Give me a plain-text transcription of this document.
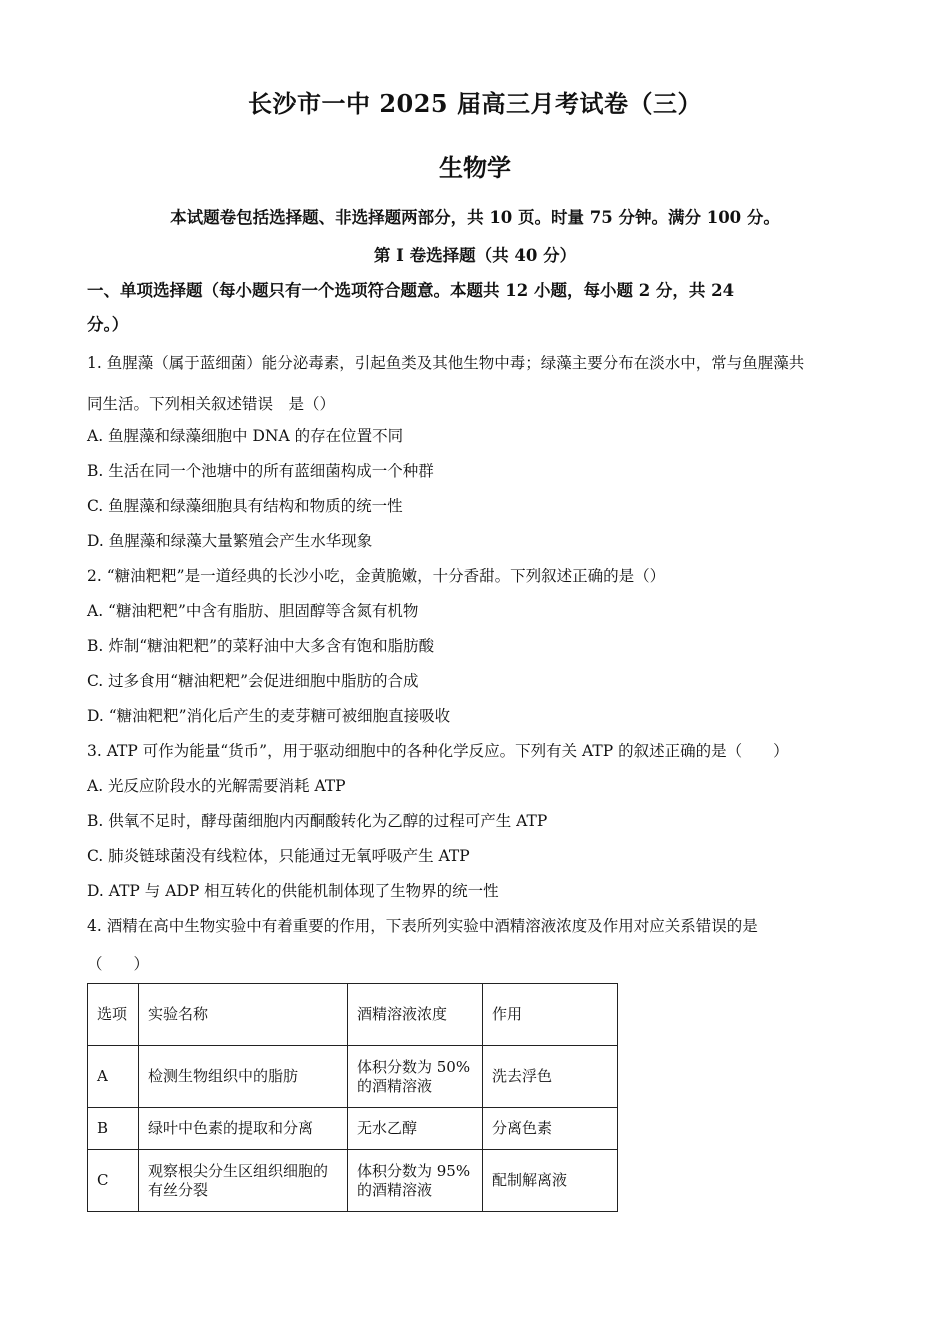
长沙市一中 2025 届高三月考试卷（三）
生物学
本试题卷包括选择题、非选择题两部分，共 10 页。时量 75 分钟。满分 100 分。
第 I 卷选择题（共 40 分）
一、单项选择题（每小题只有一个选项符合题意。本题共 12 小题，每小题 2 分，共 24
分。）
1. 鱼腥藻（属于蓝细菌）能分泌毒素，引起鱼类及其他生物中毒；绿藻主要分布在淡水中，常与鱼腥藻共
同生活。下列相关叙述错误　是（）
A. 鱼腥藻和绿藻细胞中 DNA 的存在位置不同
B. 生活在同一个池塘中的所有蓝细菌构成一个种群
C. 鱼腥藻和绿藻细胞具有结构和物质的统一性
D. 鱼腥藻和绿藻大量繁殖会产生水华现象
2. “糖油粑粑”是一道经典的长沙小吃，金黄脆嫩，十分香甜。下列叙述正确的是（）
A. “糖油粑粑”中含有脂肪、胆固醇等含氮有机物
B. 炸制“糖油粑粑”的菜籽油中大多含有饱和脂肪酸
C. 过多食用“糖油粑粑”会促进细胞中脂肪的合成
D. “糖油粑粑”消化后产生的麦芽糖可被细胞直接吸收
3. ATP 可作为能量“货币”，用于驱动细胞中的各种化学反应。下列有关 ATP 的叙述正确的是（　　）
A. 光反应阶段水的光解需要消耗 ATP
B. 供氧不足时，酵母菌细胞内丙酮酸转化为乙醇的过程可产生 ATP
C. 肺炎链球菌没有线粒体，只能通过无氧呼吸产生 ATP
D. ATP 与 ADP 相互转化的供能机制体现了生物界的统一性
4. 酒精在高中生物实验中有着重要的作用，下表所列实验中酒精溶液浓度及作用对应关系错误的是
（　　）
选项	实验名称	酒精溶液浓度	作用
A	检测生物组织中的脂肪	体积分数为 50%的酒精溶液	洗去浮色
B	绿叶中色素的提取和分离	无水乙醇	分离色素
C	观察根尖分生区组织细胞的有丝分裂	体积分数为 95%的酒精溶液	配制解离液
